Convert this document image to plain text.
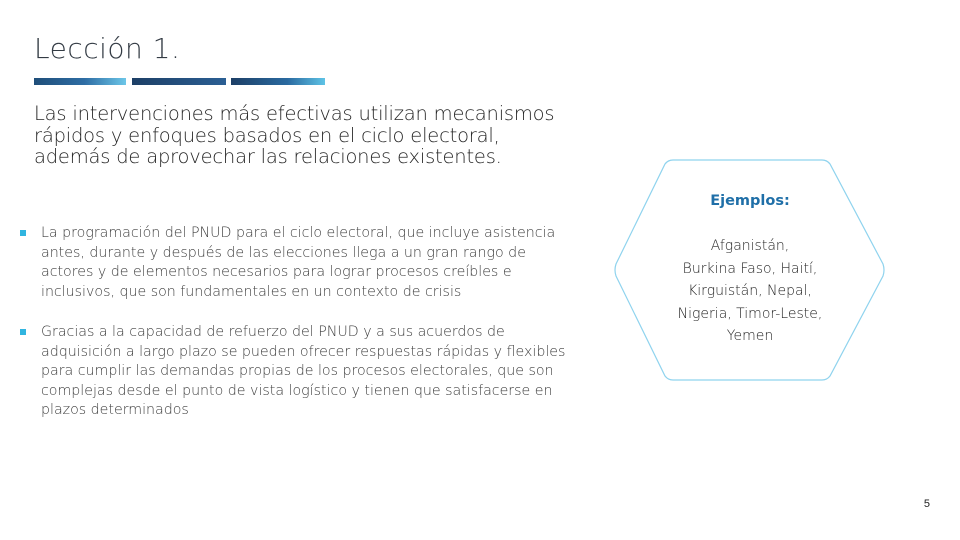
Lección 1.
Las intervenciones más efectivas utilizan mecanismos rápidos y enfoques basados en el ciclo electoral, además de aprovechar las relaciones existentes.
La programación del PNUD para el ciclo electoral, que incluye asistencia antes, durante y después de las elecciones llega a un gran rango de actores y de elementos necesarios para lograr procesos creíbles e inclusivos, que son fundamentales en un contexto de crisis
Gracias a la capacidad de refuerzo del PNUD y a sus acuerdos de adquisición a largo plazo se pueden ofrecer respuestas rápidas y flexibles para cumplir las demandas propias de los procesos electorales, que son complejas desde el punto de vista logístico y tienen que satisfacerse en plazos determinados
Ejemplos:
Afganistán,
Burkina Faso, Haití,
Kirguistán, Nepal,
Nigeria, Timor-Leste,
Yemen
5
